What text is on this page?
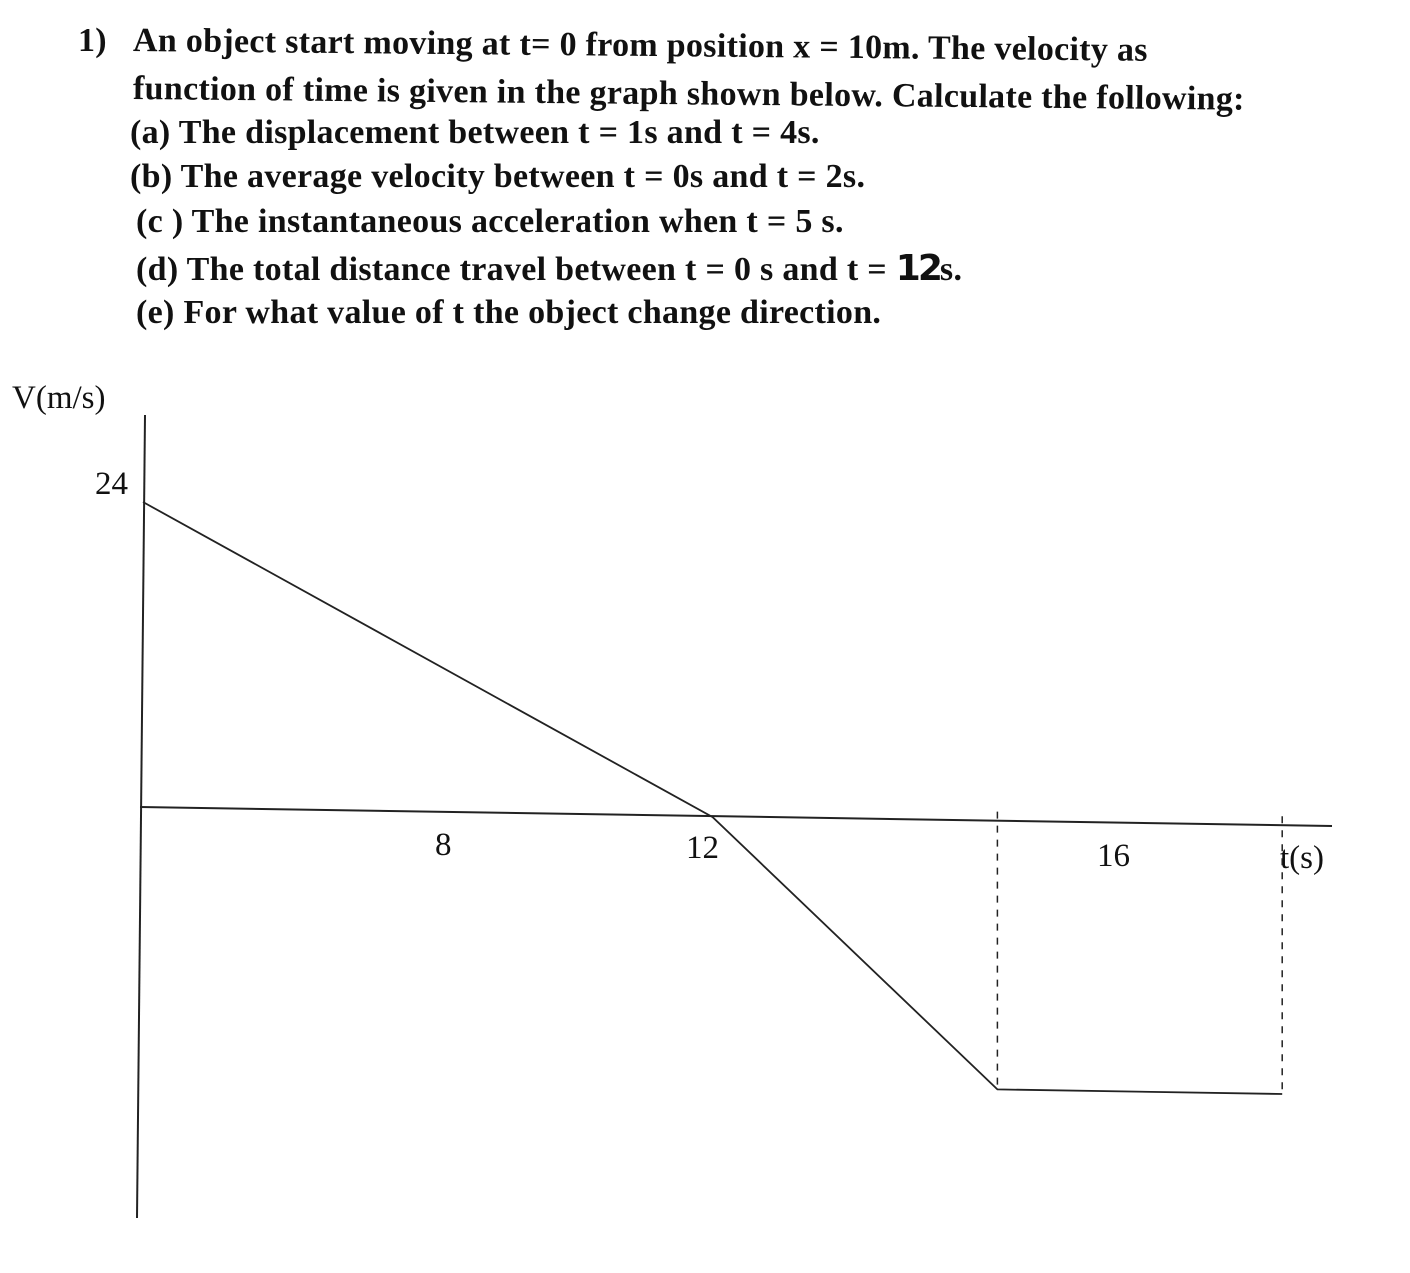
1) An object start moving at t= 0 from position x = 10m. The velocity as
function of time is given in the graph shown below. Calculate the following:
(a) The displacement between t = 1s and t = 4s.
(b) The average velocity between t = 0s and t = 2s.
(c ) The instantaneous acceleration when t = 5 s.
(d) The total distance travel between t = 0 s and t = 12s.
(e) For what value of t the object change direction.
V(m/s)
t(s)
24
8	12	16
